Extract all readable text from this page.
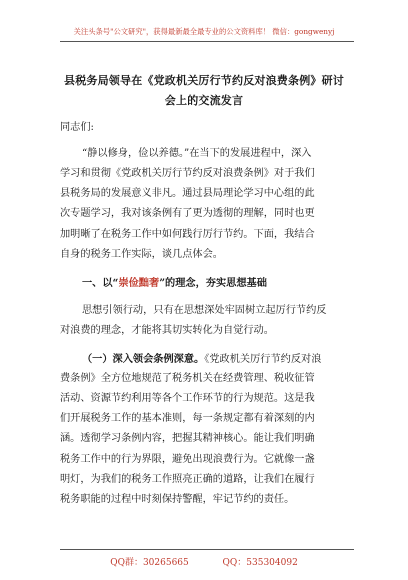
关注头条号"公文研究"，获得最新最全最专业的公文资料库！ 微信：gongwenyj
县税务局领导在《党政机关厉行节约反对浪费条例》研讨
会上的交流发言
同志们:
“静以修身，俭以养德。”在当下的发展进程中，深入
学习和贯彻《党政机关厉行节约反对浪费条例》对于我们
县税务局的发展意义非凡。通过县局理论学习中心组的此
次专题学习，我对该条例有了更为透彻的理解，同时也更
加明晰了在税务工作中如何践行厉行节约。下面，我结合
自身的税务工作实际，谈几点体会。
一、以“崇俭黜奢”的理念，夯实思想基础
思想引领行动，只有在思想深处牢固树立起厉行节约反
对浪费的理念，才能将其切实转化为自觉行动。
（一）深入领会条例深意。《党政机关厉行节约反对浪
费条例》全方位地规范了税务机关在经费管理、税收征管
活动、资源节约利用等各个工作环节的行为规范。这是我
们开展税务工作的基本准则，每一条规定都有着深刻的内
涵。透彻学习条例内容，把握其精神核心。能让我们明确
税务工作中的行为界限，避免出现浪费行为。它就像一盏
明灯，为我们的税务工作照亮正确的道路，让我们在履行
税务职能的过程中时刻保持警醒，牢记节约的责任。
QQ群：30265665	QQ：535304092
